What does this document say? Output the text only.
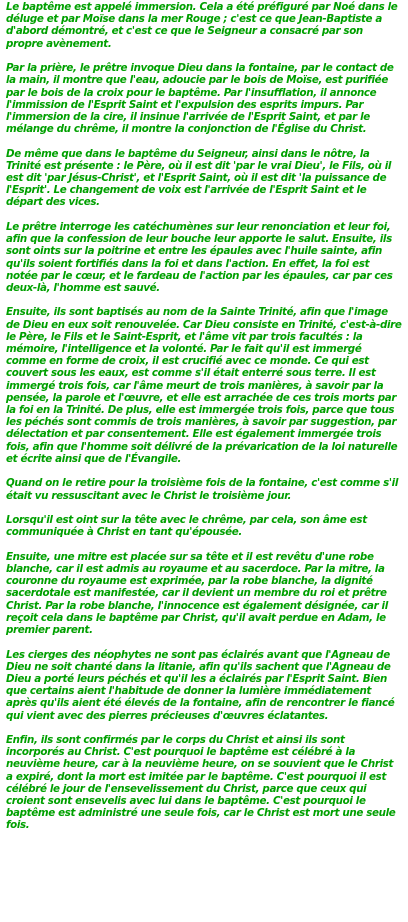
Le baptême est appelé immersion. Cela a été préfiguré par Noé dans le déluge et par Moïse dans la mer Rouge ; c'est ce que Jean-Baptiste a d'abord démontré, et c'est ce que le Seigneur a consacré par son propre avènement.

Par la prière, le prêtre invoque Dieu dans la fontaine, par le contact de la main, il montre que l'eau, adoucie par le bois de Moïse, est purifiée par le bois de la croix pour le baptême. Par l'insufflation, il annonce l'immission de l'Esprit Saint et l'expulsion des esprits impurs. Par l'immersion de la cire, il insinue l'arrivée de l'Esprit Saint, et par le mélange du chrême, il montre la conjonction de l'Église du Christ.

De même que dans le baptême du Seigneur, ainsi dans le nôtre, la Trinité est présente : le Père, où il est dit 'par le vrai Dieu', le Fils, où il est dit 'par Jésus-Christ', et l'Esprit Saint, où il est dit 'la puissance de l'Esprit'. Le changement de voix est l'arrivée de l'Esprit Saint et le départ des vices.

Le prêtre interroge les catéchumènes sur leur renonciation et leur foi, afin que la confession de leur bouche leur apporte le salut. Ensuite, ils sont oints sur la poitrine et entre les épaules avec l'huile sainte, afin qu'ils soient fortifiés dans la foi et dans l'action. En effet, la foi est notée par le cœur, et le fardeau de l'action par les épaules, car par ces deux-là, l'homme est sauvé.

Ensuite, ils sont baptisés au nom de la Sainte Trinité, afin que l'image de Dieu en eux soit renouvelée. Car Dieu consiste en Trinité, c'est-à-dire le Père, le Fils et le Saint-Esprit, et l'âme vit par trois facultés : la mémoire, l'intelligence et la volonté. Par le fait qu'il est immergé comme en forme de croix, il est crucifié avec ce monde. Ce qui est couvert sous les eaux, est comme s'il était enterré sous terre. Il est immergé trois fois, car l'âme meurt de trois manières, à savoir par la pensée, la parole et l'œuvre, et elle est arrachée de ces trois morts par la foi en la Trinité. De plus, elle est immergée trois fois, parce que tous les péchés sont commis de trois manières, à savoir par suggestion, par délectation et par consentement. Elle est également immergée trois fois, afin que l'homme soit délivré de la prévarication de la loi naturelle et écrite ainsi que de l'Évangile.

Quand on le retire pour la troisième fois de la fontaine, c'est comme s'il était vu ressuscitant avec le Christ le troisième jour.

Lorsqu'il est oint sur la tête avec le chrême, par cela, son âme est communiquée à Christ en tant qu'épousée.

Ensuite, une mitre est placée sur sa tête et il est revêtu d'une robe blanche, car il est admis au royaume et au sacerdoce. Par la mitre, la couronne du royaume est exprimée, par la robe blanche, la dignité sacerdotale est manifestée, car il devient un membre du roi et prêtre Christ. Par la robe blanche, l'innocence est également désignée, car il reçoit cela dans le baptême par Christ, qu'il avait perdue en Adam, le premier parent.

Les cierges des néophytes ne sont pas éclairés avant que l'Agneau de Dieu ne soit chanté dans la litanie, afin qu'ils sachent que l'Agneau de Dieu a porté leurs péchés et qu'il les a éclairés par l'Esprit Saint. Bien que certains aient l'habitude de donner la lumière immédiatement après qu'ils aient été élevés de la fontaine, afin de rencontrer le fiancé qui vient avec des pierres précieuses d'œuvres éclatantes.

Enfin, ils sont confirmés par le corps du Christ et ainsi ils sont incorporés au Christ. C'est pourquoi le baptême est célébré à la neuvième heure, car à la neuvième heure, on se souvient que le Christ a expiré, dont la mort est imitée par le baptême. C'est pourquoi il est célébré le jour de l'ensevelissement du Christ, parce que ceux qui croient sont ensevelis avec lui dans le baptême. C'est pourquoi le baptême est administré une seule fois, car le Christ est mort une seule fois.
